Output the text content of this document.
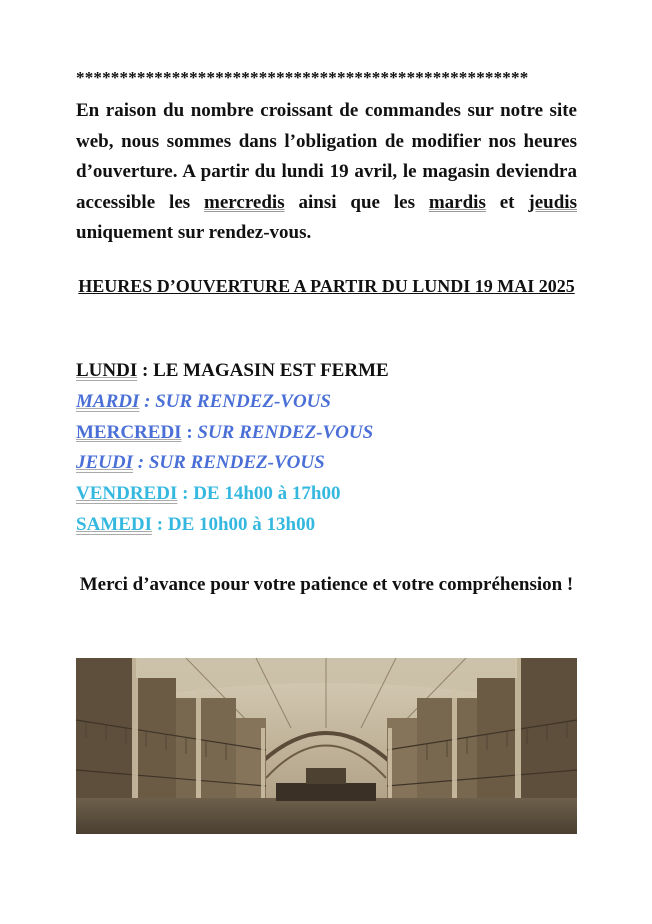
****************************************************

En raison du nombre croissant de commandes sur notre site web, nous sommes dans l’obligation de modifier nos heures d’ouverture. A partir du lundi 19 avril, le magasin deviendra accessible les mercredis ainsi que les mardis et jeudis uniquement sur rendez-vous.

HEURES D’OUVERTURE A PARTIR DU LUNDI 19 MAI 2025

LUNDI : LE MAGASIN EST FERME
MARDI : SUR RENDEZ-VOUS
MERCREDI : SUR RENDEZ-VOUS
JEUDI : SUR RENDEZ-VOUS
VENDREDI : DE 14h00 à 17h00
SAMEDI : DE 10h00 à 13h00

Merci d’avance pour votre patience et votre compréhension !
